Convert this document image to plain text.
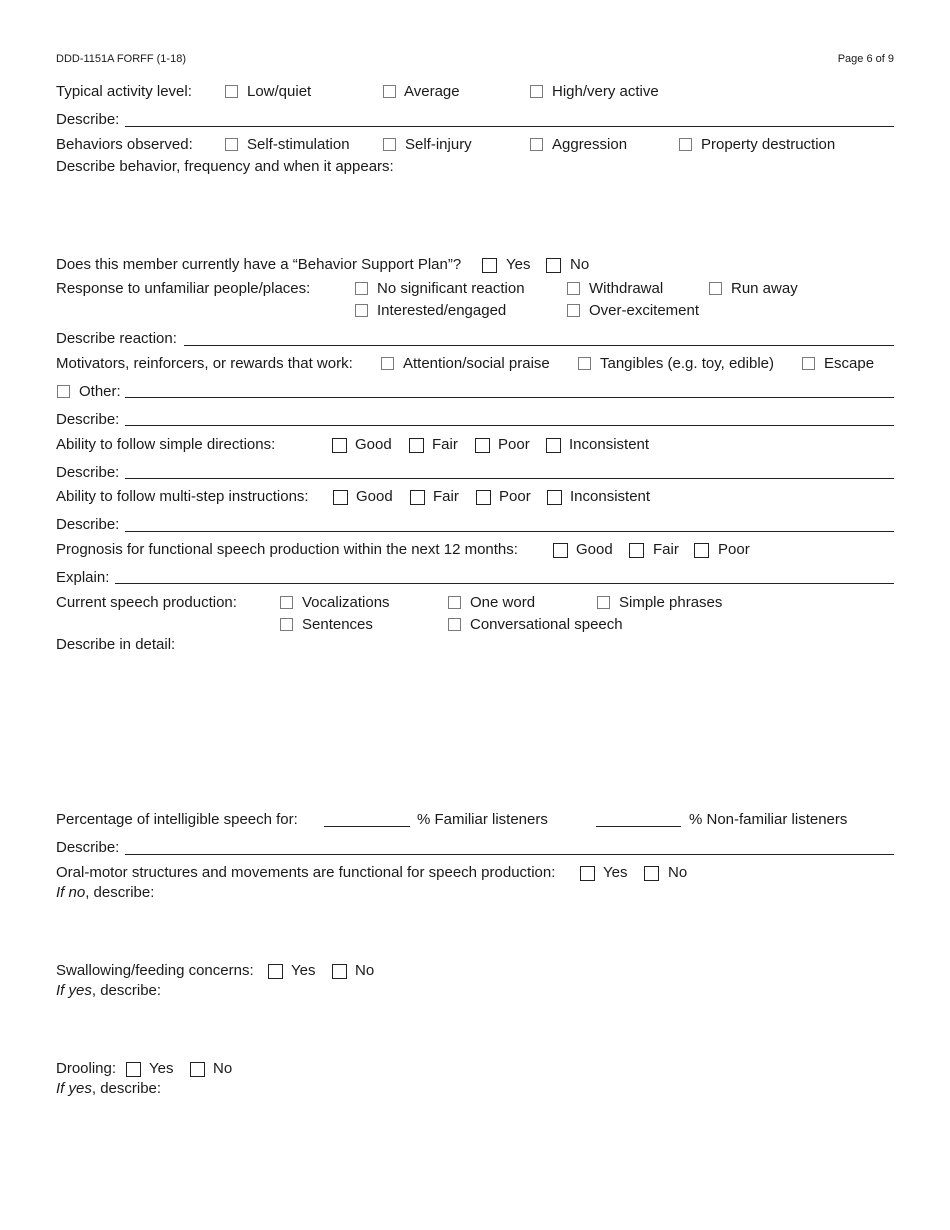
DDD-1151A FORFF (1-18)	Page 6 of 9
Typical activity level:	Low/quiet	Average	High/very active
Describe:
Behaviors observed:	Self-stimulation	Self-injury	Aggression	Property destruction
Describe behavior, frequency and when it appears:
Does this member currently have a “Behavior Support Plan”?	Yes	No
Response to unfamiliar people/places:	No significant reaction	Withdrawal	Run away
Interested/engaged	Over-excitement
Describe reaction:
Motivators, reinforcers, or rewards that work:	Attention/social praise	Tangibles (e.g. toy, edible)	Escape
Other:
Describe:
Ability to follow simple directions:	Good	Fair	Poor	Inconsistent
Describe:
Ability to follow multi-step instructions:	Good	Fair	Poor	Inconsistent
Describe:
Prognosis for functional speech production within the next 12 months:	Good	Fair	Poor
Explain:
Current speech production:	Vocalizations	One word	Simple phrases
Sentences	Conversational speech
Describe in detail:
Percentage of intelligible speech for:	% Familiar listeners	% Non-familiar listeners
Describe:
Oral-motor structures and movements are functional for speech production:	Yes	No
If no, describe:
Swallowing/feeding concerns: Yes	No
If yes, describe:
Drooling: Yes	No
If yes, describe:
